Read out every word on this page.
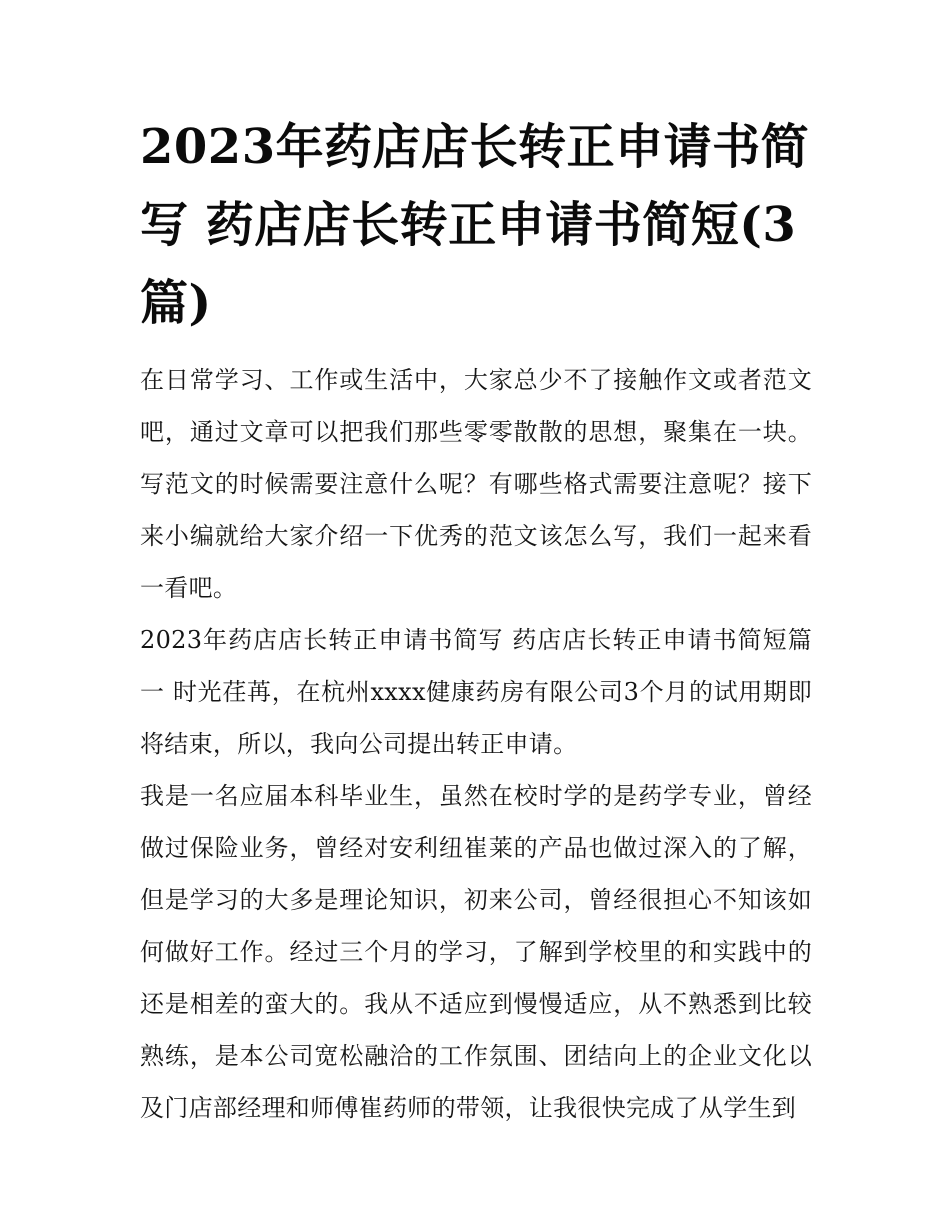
2023年药店店长转正申请书简写 药店店长转正申请书简短(3篇)

在日常学习、工作或生活中，大家总少不了接触作文或者范文吧，通过文章可以把我们那些零零散散的思想，聚集在一块。写范文的时候需要注意什么呢？有哪些格式需要注意呢？接下来小编就给大家介绍一下优秀的范文该怎么写，我们一起来看一看吧。

2023年药店店长转正申请书简写 药店店长转正申请书简短篇一 时光荏苒，在杭州xxxx健康药房有限公司3个月的试用期即将结束，所以，我向公司提出转正申请。

我是一名应届本科毕业生，虽然在校时学的是药学专业，曾经做过保险业务，曾经对安利纽崔莱的产品也做过深入的了解，但是学习的大多是理论知识，初来公司，曾经很担心不知该如何做好工作。经过三个月的学习，了解到学校里的和实践中的还是相差的蛮大的。我从不适应到慢慢适应，从不熟悉到比较熟练，是本公司宽松融洽的工作氛围、团结向上的企业文化以及门店部经理和师傅崔药师的带领，让我很快完成了从学生到
